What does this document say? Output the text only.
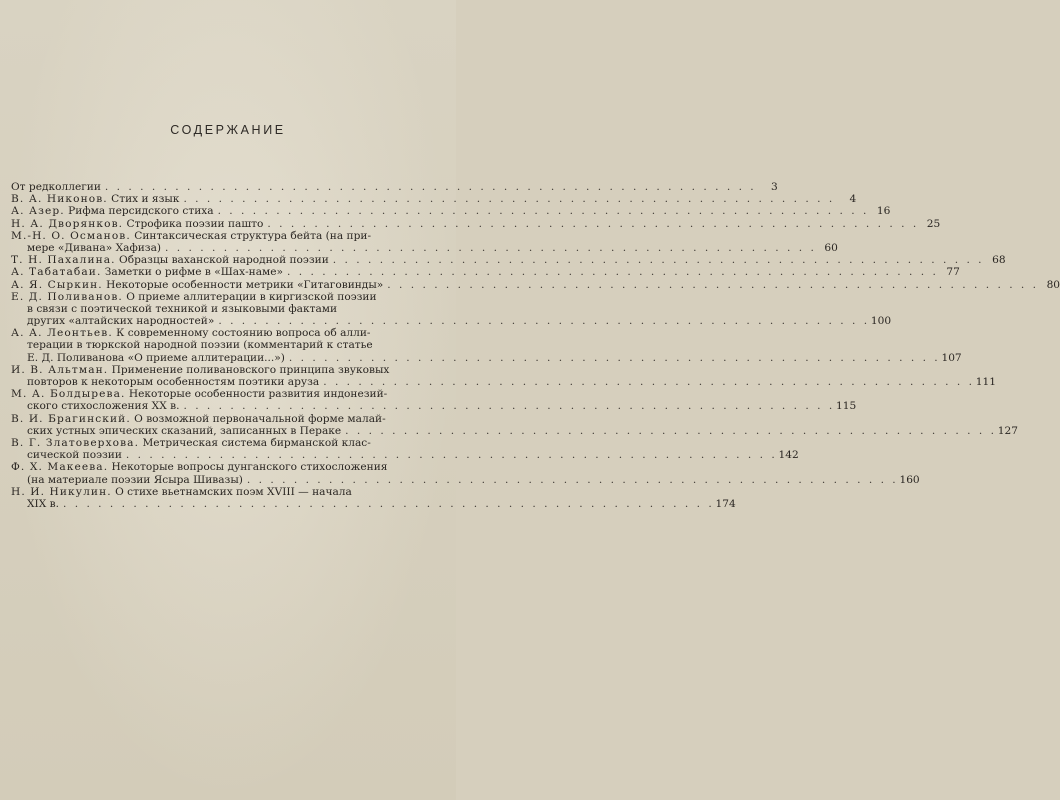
СОДЕРЖАНИЕ
От редколлегии . . .	3
В. А. Никонов. Стих и язык . . .	4
А. Азер. Рифма персидского стиха . . .	16
Н. А. Дворянков. Строфика поэзии пашто . . .	25
М.-Н. О. Османов. Синтаксическая структура бейта (на при-
мере «Дивана» Хафиза) . . .	60
Т. Н. Пахалина. Образцы ваханской народной поэзии . . .	68
А. Табатабаи. Заметки о рифме в «Шах-наме» . . .	77
А. Я. Сыркин. Некоторые особенности метрики «Гитаговинды» . . .	80
Е. Д. Поливанов. О приеме аллитерации в киргизской поэзии
в связи с поэтической техникой и языковыми фактами
других «алтайских народностей» . . .	100
А. А. Леонтьев. К современному состоянию вопроса об алли-
терации в тюркской народной поэзии (комментарий к статье
Е. Д. Поливанова «О приеме аллитерации...») . . .	107
И. В. Альтман. Применение поливановского принципа звуковых
повторов к некоторым особенностям поэтики аруза . . .	111
М. А. Болдырева. Некоторые особенности развития индонезий-
ского стихосложения XX в. . . .	115
В. И. Брагинский. О возможной первоначальной форме малай-
ских устных эпических сказаний, записанных в Пераке . . .	127
В. Г. Златоверхова. Метрическая система бирманской клас-
сической поэзии . . .	142
Ф. Х. Макеева. Некоторые вопросы дунганского стихосложения
(на материале поэзии Ясыра Шивазы) . . .	160
Н. И. Никулин. О стихе вьетнамских поэм XVIII — начала
XIX в. . . .	174
